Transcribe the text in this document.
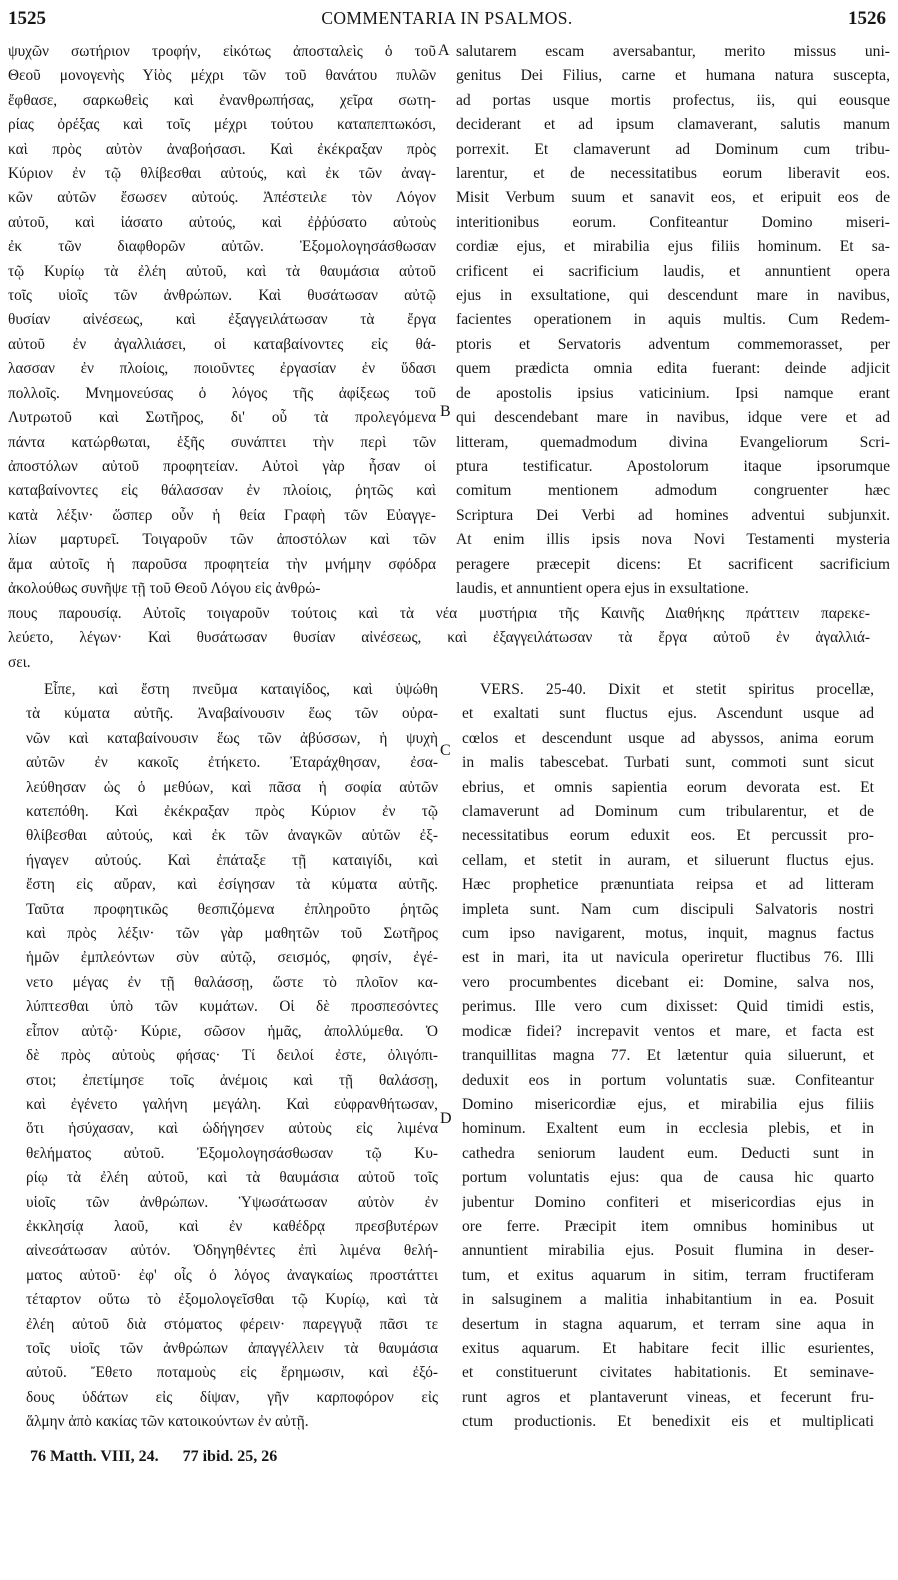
1525	COMMENTARIA IN PSALMOS.	1526

ψυχῶν σωτήριον τροφήν, εἰκότως ἀποσταλεὶς ὁ τοῦ

Θεοῦ μονογενὴς Υἱὸς μέχρι τῶν τοῦ θανάτου πυλῶν

ἔφθασε, σαρκωθεὶς καὶ ἐνανθρωπήσας, χεῖρα σωτη-

ρίας ὀρέξας καὶ τοῖς μέχρι τούτου καταπεπτωκόσι,

καὶ πρὸς αὐτὸν ἀναβοήσασι. Καὶ ἐκέκραξαν πρὸς

Κύριον ἐν τῷ θλίβεσθαι αὐτούς, καὶ ἐκ τῶν ἀναγ-

κῶν αὐτῶν ἔσωσεν αὐτούς. Ἀπέστειλε τὸν Λόγον

αὐτοῦ, καὶ ἰάσατο αὐτούς, καὶ ἐῤῥύσατο αὐτοὺς

ἐκ τῶν διαφθορῶν αὐτῶν. Ἐξομολογησάσθωσαν

τῷ Κυρίῳ τὰ ἐλέη αὐτοῦ, καὶ τὰ θαυμάσια αὐτοῦ

τοῖς υἱοῖς τῶν ἀνθρώπων. Καὶ θυσάτωσαν αὐτῷ

θυσίαν αἰνέσεως, καὶ ἐξαγγειλάτωσαν τὰ ἔργα

αὐτοῦ ἐν ἀγαλλιάσει, οἱ καταβαίνοντες εἰς θά-

λασσαν ἐν πλοίοις, ποιοῦντες ἐργασίαν ἐν ὕδασι

πολλοῖς. Μνημονεύσας ὁ λόγος τῆς ἀφίξεως τοῦ

Λυτρωτοῦ καὶ Σωτῆρος, δι' οὗ τὰ προλεγόμενα

πάντα κατώρθωται, ἑξῆς συνάπτει τὴν περὶ τῶν

ἀποστόλων αὐτοῦ προφητείαν. Αὐτοὶ γὰρ ἦσαν οἱ

καταβαίνοντες εἰς θάλασσαν ἐν πλοίοις, ῥητῶς καὶ

κατὰ λέξιν· ὥσπερ οὖν ἡ θεία Γραφὴ τῶν Εὐαγγε-

λίων μαρτυρεῖ. Τοιγαροῦν τῶν ἀποστόλων καὶ τῶν

ἅμα αὐτοῖς ἡ παροῦσα προφητεία τὴν μνήμην σφόδρα

ἀκολούθως συνῆψε τῇ τοῦ Θεοῦ Λόγου εἰς ἀνθρώ-

salutarem escam aversabantur, merito missus uni-

genitus Dei Filius, carne et humana natura suscepta,

ad portas usque mortis profectus, iis, qui eousque

deciderant et ad ipsum clamaverant, salutis manum

porrexit. Et clamaverunt ad Dominum cum tribu-

larentur, et de necessitatibus eorum liberavit eos.

Misit Verbum suum et sanavit eos, et eripuit eos de

interitionibus eorum. Confiteantur Domino miseri-

cordiæ ejus, et mirabilia ejus filiis hominum. Et sa-

crificent ei sacrificium laudis, et annuntient opera

ejus in exsultatione, qui descendunt mare in navibus,

facientes operationem in aquis multis. Cum Redem-

ptoris et Servatoris adventum commemorasset, per

quem prædicta omnia edita fuerant: deinde adjicit

de apostolis ipsius vaticinium. Ipsi namque erant

qui descendebant mare in navibus, idque vere et ad

litteram, quemadmodum divina Evangeliorum Scri-

ptura testificatur. Apostolorum itaque ipsorumque

comitum mentionem admodum congruenter hæc

Scriptura Dei Verbi ad homines adventui subjunxit.

At enim illis ipsis nova Novi Testamenti mysteria

peragere præcepit dicens: Et sacrificent sacrificium

laudis, et annuntient opera ejus in exsultatione.

A
B
C
D

πους παρουσίᾳ. Αὐτοῖς τοιγαροῦν τούτοις καὶ τὰ νέα μυστήρια τῆς Καινῆς Διαθήκης πράττειν παρεκε-

λεύετο, λέγων· Καὶ θυσάτωσαν θυσίαν αἰνέσεως, καὶ ἐξαγγειλάτωσαν τὰ ἔργα αὐτοῦ ἐν ἀγαλλιά-

σει.

Εἶπε, καὶ ἔστη πνεῦμα καταιγίδος, καὶ ὑψώθη

τὰ κύματα αὐτῆς. Ἀναβαίνουσιν ἕως τῶν οὐρα-

νῶν καὶ καταβαίνουσιν ἕως τῶν ἀβύσσων, ἡ ψυχὴ

αὐτῶν ἐν κακοῖς ἐτήκετο. Ἐταράχθησαν, ἐσα-

λεύθησαν ὡς ὁ μεθύων, καὶ πᾶσα ἡ σοφία αὐτῶν

κατεπόθη. Καὶ ἐκέκραξαν πρὸς Κύριον ἐν τῷ

θλίβεσθαι αὐτούς, καὶ ἐκ τῶν ἀναγκῶν αὐτῶν ἐξ-

ήγαγεν αὐτούς. Καὶ ἐπάταξε τῇ καταιγίδι, καὶ

ἔστη εἰς αὔραν, καὶ ἐσίγησαν τὰ κύματα αὐτῆς.

Ταῦτα προφητικῶς θεσπιζόμενα ἐπληροῦτο ῥητῶς

καὶ πρὸς λέξιν· τῶν γὰρ μαθητῶν τοῦ Σωτῆρος

ἡμῶν ἐμπλεόντων σὺν αὐτῷ, σεισμός, φησίν, ἐγέ-

νετο μέγας ἐν τῇ θαλάσσῃ, ὥστε τὸ πλοῖον κα-

λύπτεσθαι ὑπὸ τῶν κυμάτων. Οἱ δὲ προσπεσόντες

εἶπον αὐτῷ· Κύριε, σῶσον ἡμᾶς, ἀπολλύμεθα. Ὁ

δὲ πρὸς αὐτοὺς φήσας· Τί δειλοί ἐστε, ὀλιγόπι-

στοι; ἐπετίμησε τοῖς ἀνέμοις καὶ τῇ θαλάσσῃ,

καὶ ἐγένετο γαλήνη μεγάλη. Καὶ εὐφρανθήτωσαν,

ὅτι ἡσύχασαν, καὶ ὡδήγησεν αὐτοὺς εἰς λιμένα

θελήματος αὐτοῦ. Ἐξομολογησάσθωσαν τῷ Κυ-

ρίῳ τὰ ἐλέη αὐτοῦ, καὶ τὰ θαυμάσια αὐτοῦ τοῖς

υἱοῖς τῶν ἀνθρώπων. Ὑψωσάτωσαν αὐτὸν ἐν

ἐκκλησίᾳ λαοῦ, καὶ ἐν καθέδρᾳ πρεσβυτέρων

αἰνεσάτωσαν αὐτόν. Ὁδηγηθέντες ἐπὶ λιμένα θελή-

ματος αὐτοῦ· ἐφ' οἷς ὁ λόγος ἀναγκαίως προστάττει

τέταρτον οὕτω τὸ ἐξομολογεῖσθαι τῷ Κυρίῳ, καὶ τὰ

ἐλέη αὐτοῦ διὰ στόματος φέρειν· παρεγγυᾷ πᾶσι τε

τοῖς υἱοῖς τῶν ἀνθρώπων ἀπαγγέλλειν τὰ θαυμάσια

αὐτοῦ. Ἔθετο ποταμοὺς εἰς ἔρημωσιν, καὶ ἐξό-

δους ὑδάτων εἰς δίψαν, γῆν καρποφόρον εἰς

ἅλμην ἀπὸ κακίας τῶν κατοικούντων ἐν αὐτῇ.

VERS. 25-40. Dixit et stetit spiritus procellæ,

et exaltati sunt fluctus ejus. Ascendunt usque ad

cœlos et descendunt usque ad abyssos, anima eorum

in malis tabescebat. Turbati sunt, commoti sunt sicut

ebrius, et omnis sapientia eorum devorata est. Et

clamaverunt ad Dominum cum tribularentur, et de

necessitatibus eorum eduxit eos. Et percussit pro-

cellam, et stetit in auram, et siluerunt fluctus ejus.

Hæc prophetice prænuntiata reipsa et ad litteram

impleta sunt. Nam cum discipuli Salvatoris nostri

cum ipso navigarent, motus, inquit, magnus factus

est in mari, ita ut navicula operiretur fluctibus 76. Illi

vero procumbentes dicebant ei: Domine, salva nos,

perimus. Ille vero cum dixisset: Quid timidi estis,

modicæ fidei? increpavit ventos et mare, et facta est

tranquillitas magna 77. Et lætentur quia siluerunt, et

deduxit eos in portum voluntatis suæ. Confiteantur

Domino misericordiæ ejus, et mirabilia ejus filiis

hominum. Exaltent eum in ecclesia plebis, et in

cathedra seniorum laudent eum. Deducti sunt in

portum voluntatis ejus: qua de causa hic quarto

jubentur Domino confiteri et misericordias ejus in

ore ferre. Præcipit item omnibus hominibus ut

annuntient mirabilia ejus. Posuit flumina in deser-

tum, et exitus aquarum in sitim, terram fructiferam

in salsuginem a malitia inhabitantium in ea. Posuit

desertum in stagna aquarum, et terram sine aqua in

exitus aquarum. Et habitare fecit illic esurientes,

et constituerunt civitates habitationis. Et seminave-

runt agros et plantaverunt vineas, et fecerunt fru-

ctum productionis. Et benedixit eis et multiplicati

76 Matth. VIII, 24. 77 ibid. 25, 26
